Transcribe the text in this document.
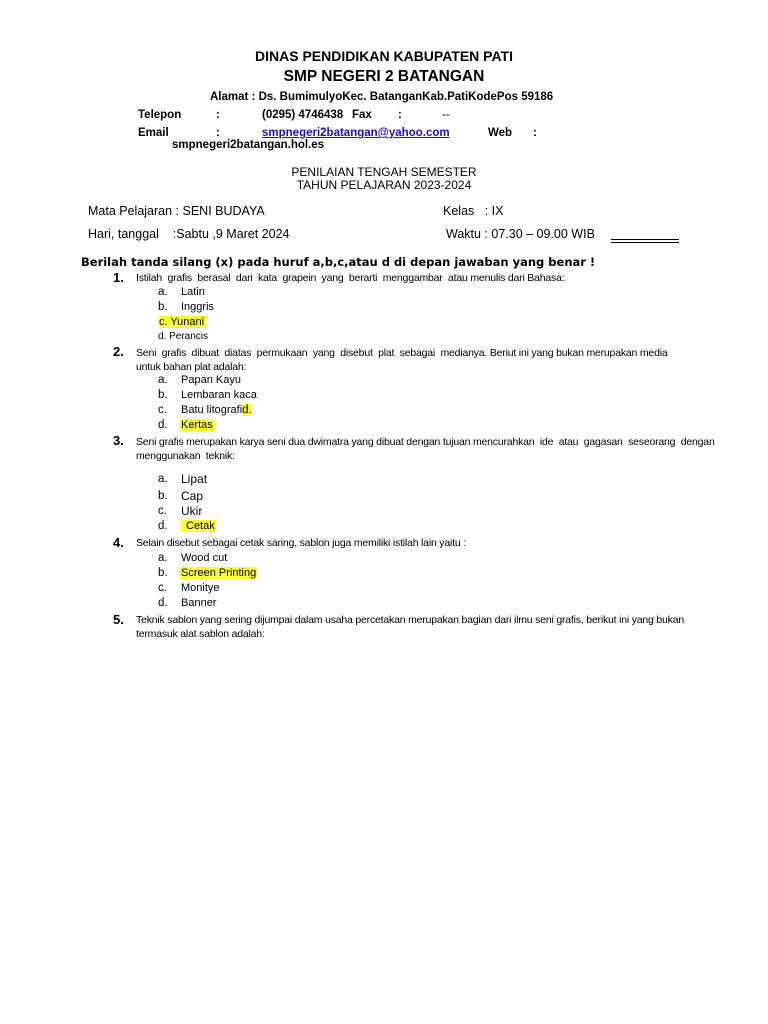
DINAS PENDIDIKAN KABUPATEN PATI
SMP NEGERI 2 BATANGAN
Alamat : Ds. BumimulyoKec. BatanganKab.PatiKodePos 59186
Telepon	:	(0295) 4746438 Fax :	--
Email	:	smpnegeri2batangan@yahoo.com	Web :
smpnegeri2batangan.hol.es
PENILAIAN TENGAH SEMESTER
TAHUN PELAJARAN 2023-2024
Mata Pelajaran : SENI BUDAYA	Kelas   : IX
Hari, tanggal    :Sabtu ,9 Maret 2024	Waktu : 07.30 – 09.00 WIB
Berilah tanda silang (x) pada huruf a,b,c,atau d di depan jawaban yang benar !
1. Istilah  grafis  berasal  dari  kata  grapein  yang  berarti  menggambar  atau menulis dari Bahasa:
a. Latin
b. Inggris
c. Yunani
d. Perancis
2. Seni  grafis  dibuat  diatas  permukaan  yang  disebut  plat  sebagai  medianya. Beriut ini yang bukan merupakan media
untuk bahan plat adalah:
a. Papan Kayu
b. Lembaran kaca
c. Batu litografid.
d. Kertas
3. Seni grafis merupakan karya seni dua dwimatra yang dibuat dengan tujuan mencurahkan  ide  atau  gagasan  seseorang  dengan
menggunakan  teknik:
a. Lipat
b. Cap
c. Ukir
d.	Cetak
4. Selain disebut sebagai cetak saring, sablon juga memiliki istilah lain yaitu :
a. Wood cut
b. Screen Printing
c. Monitye
d. Banner
5. Teknik sablon yang sering dijumpai dalam usaha percetakan merupakan bagian dari ilmu seni grafis, berikut ini yang bukan
termasuk alat sablon adalah:
